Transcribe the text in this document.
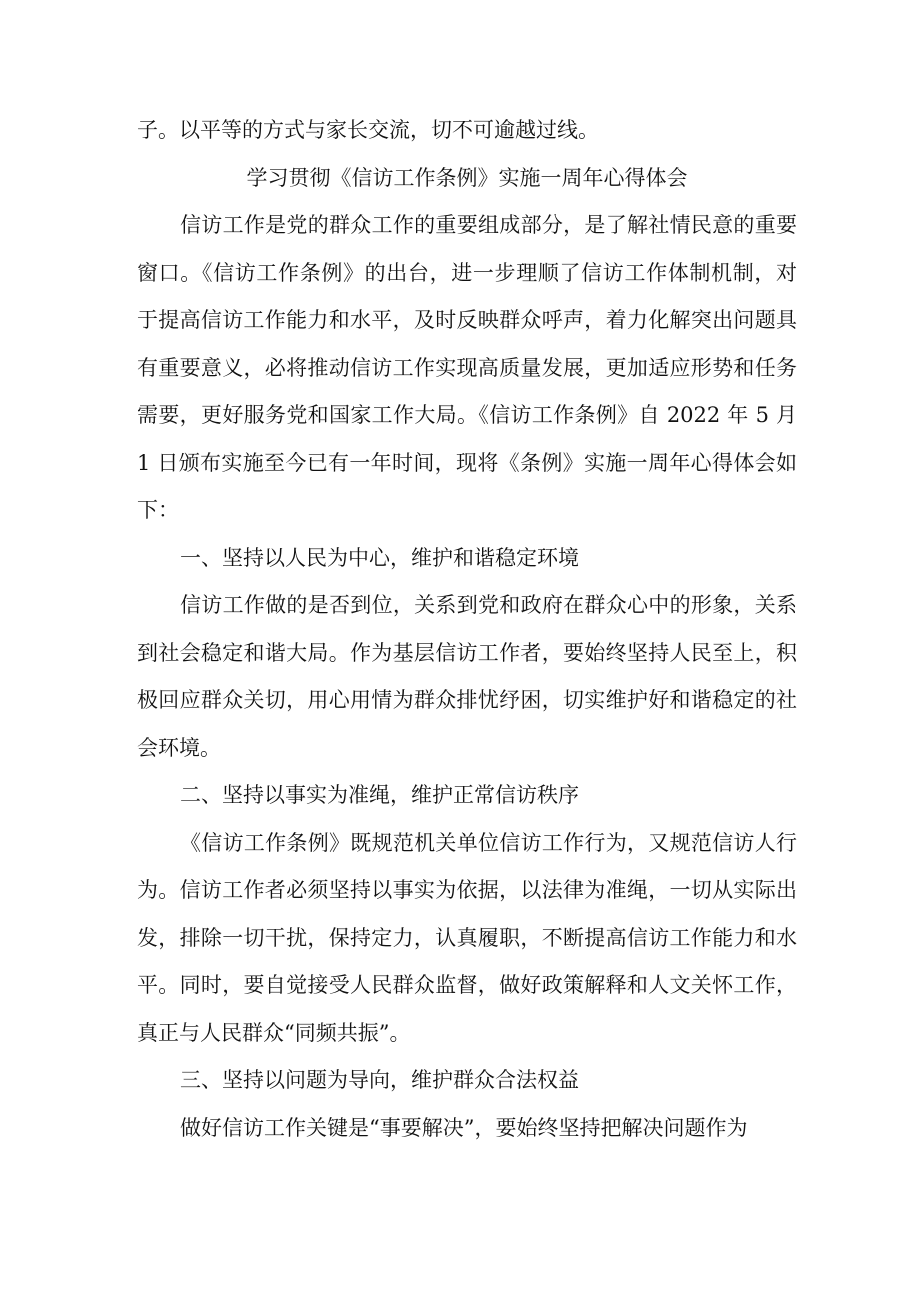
子。以平等的方式与家长交流，切不可逾越过线。

学习贯彻《信访工作条例》实施一周年心得体会

信访工作是党的群众工作的重要组成部分，是了解社情民意的重要窗口。《信访工作条例》的出台，进一步理顺了信访工作体制机制，对于提高信访工作能力和水平，及时反映群众呼声，着力化解突出问题具有重要意义，必将推动信访工作实现高质量发展，更加适应形势和任务需要，更好服务党和国家工作大局。《信访工作条例》自 2022 年 5 月 1 日颁布实施至今已有一年时间，现将《条例》实施一周年心得体会如下：

一、坚持以人民为中心，维护和谐稳定环境

信访工作做的是否到位，关系到党和政府在群众心中的形象，关系到社会稳定和谐大局。作为基层信访工作者，要始终坚持人民至上，积极回应群众关切，用心用情为群众排忧纾困，切实维护好和谐稳定的社会环境。

二、坚持以事实为准绳，维护正常信访秩序

《信访工作条例》既规范机关单位信访工作行为，又规范信访人行为。信访工作者必须坚持以事实为依据，以法律为准绳，一切从实际出发，排除一切干扰，保持定力，认真履职，不断提高信访工作能力和水平。同时，要自觉接受人民群众监督，做好政策解释和人文关怀工作，真正与人民群众“同频共振”。

三、坚持以问题为导向，维护群众合法权益

做好信访工作关键是“事要解决”，要始终坚持把解决问题作为
